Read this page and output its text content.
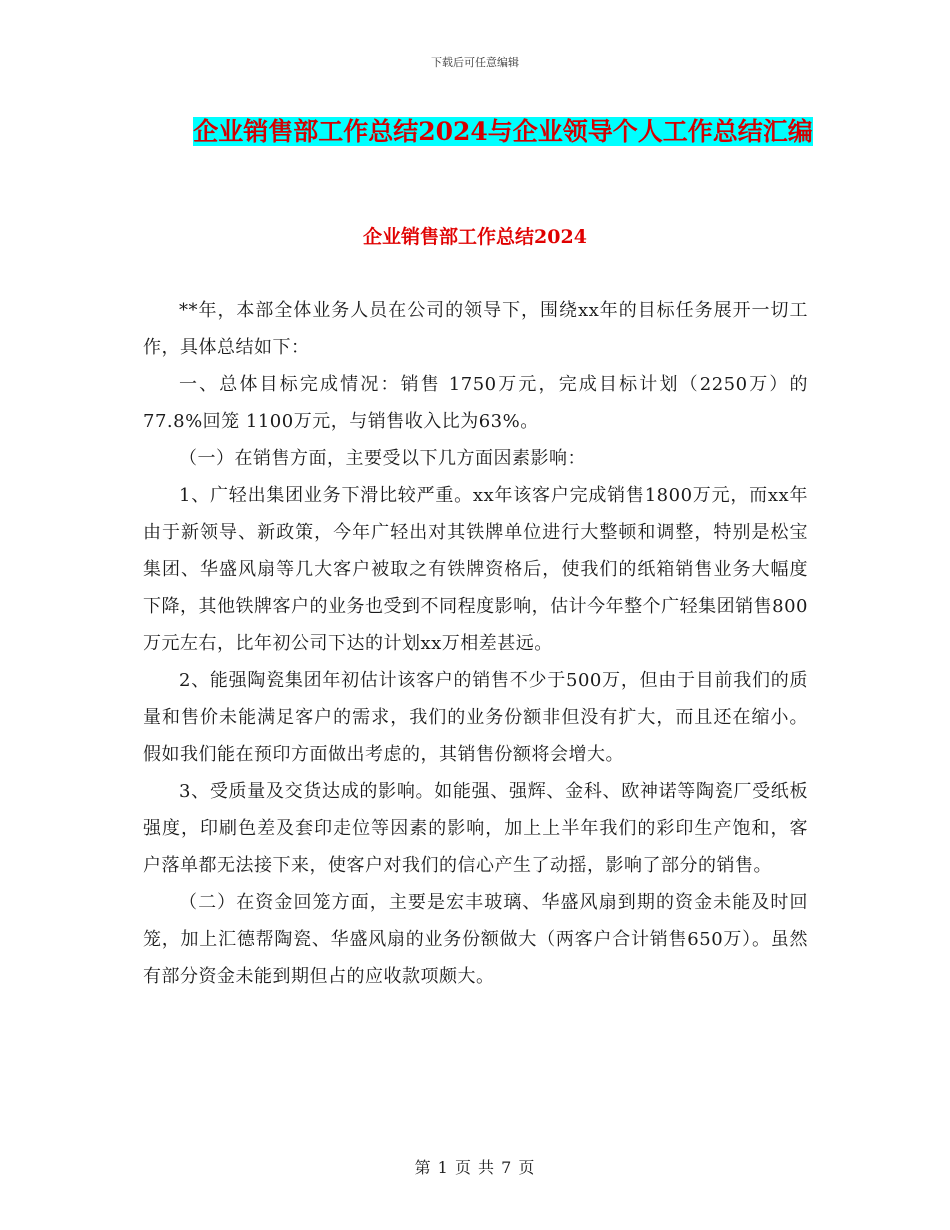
下载后可任意编辑
企业销售部工作总结2024与企业领导个人工作总结汇编
企业销售部工作总结2024

**年，本部全体业务人员在公司的领导下，围绕xx年的目标任务展开一切工作，具体总结如下：

一、总体目标完成情况：销售 1750万元，完成目标计划（2250万）的77.8%回笼 1100万元，与销售收入比为63%。

（一）在销售方面，主要受以下几方面因素影响：

1、广轻出集团业务下滑比较严重。xx年该客户完成销售1800万元，而xx年由于新领导、新政策，今年广轻出对其铁牌单位进行大整顿和调整，特别是松宝集团、华盛风扇等几大客户被取之有铁牌资格后，使我们的纸箱销售业务大幅度下降，其他铁牌客户的业务也受到不同程度影响，估计今年整个广轻集团销售800万元左右，比年初公司下达的计划xx万相差甚远。

2、能强陶瓷集团年初估计该客户的销售不少于500万，但由于目前我们的质量和售价未能满足客户的需求，我们的业务份额非但没有扩大，而且还在缩小。假如我们能在预印方面做出考虑的，其销售份额将会增大。

3、受质量及交货达成的影响。如能强、强辉、金科、欧神诺等陶瓷厂受纸板强度，印刷色差及套印走位等因素的影响，加上上半年我们的彩印生产饱和，客户落单都无法接下来，使客户对我们的信心产生了动摇，影响了部分的销售。

（二）在资金回笼方面，主要是宏丰玻璃、华盛风扇到期的资金未能及时回笼，加上汇德帮陶瓷、华盛风扇的业务份额做大（两客户合计销售650万）。虽然有部分资金未能到期但占的应收款项颇大。

第 1 页 共 7 页
